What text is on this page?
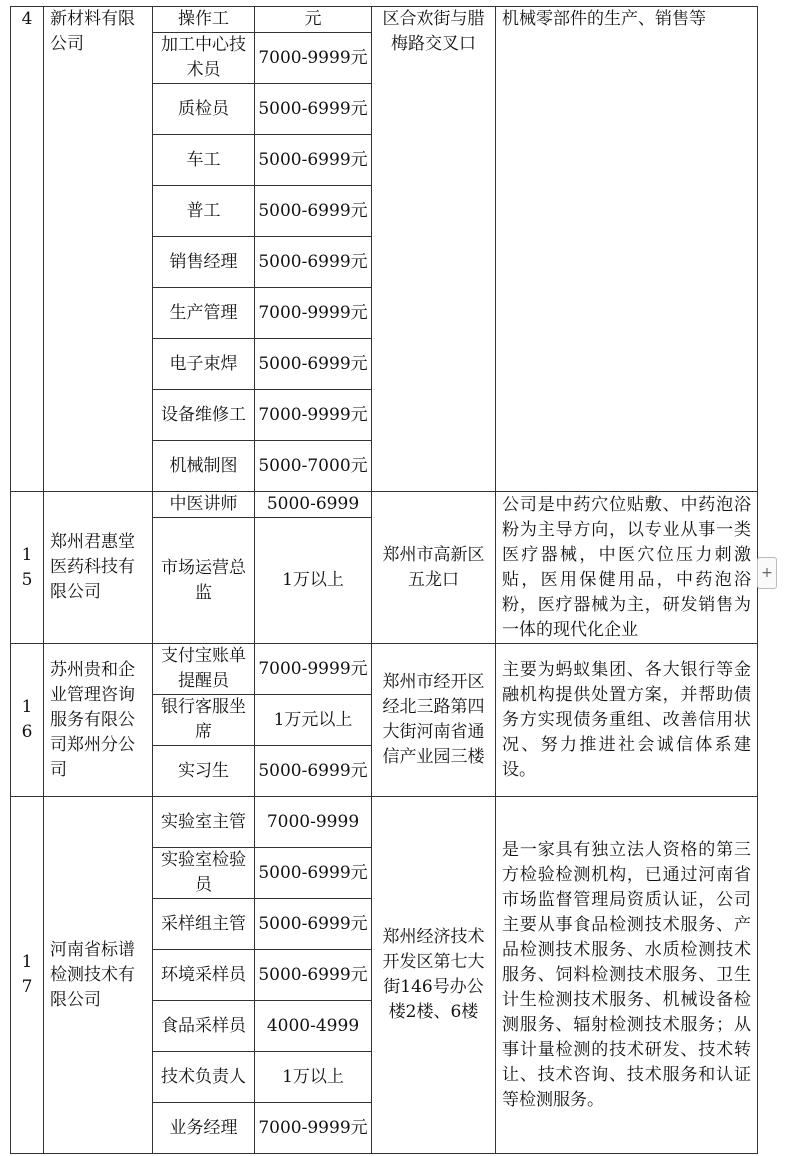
4	新材料有限公司	操作工	元	区合欢街与腊梅路交叉口	机械零部件的生产、销售等
		加工中心技术员	7000-9999元		
		质检员	5000-6999元		
		车工	5000-6999元		
		普工	5000-6999元		
		销售经理	5000-6999元		
		生产管理	7000-9999元		
		电子束焊	5000-6999元		
		设备维修工	7000-9999元		
		机械制图	5000-7000元		
15	郑州君惠堂医药科技有限公司	中医讲师	5000-6999	郑州市高新区五龙口	公司是中药穴位贴敷、中药泡浴粉为主导方向，以专业从事一类医疗器械，中医穴位压力刺激贴，医用保健用品，中药泡浴粉，医疗器械为主，研发销售为一体的现代化企业
		市场运营总监	1万以上		
16	苏州贵和企业管理咨询服务有限公司郑州分公司	支付宝账单提醒员	7000-9999元	郑州市经开区经北三路第四大街河南省通信产业园三楼	主要为蚂蚁集团、各大银行等金融机构提供处置方案，并帮助债务方实现债务重组、改善信用状况、努力推进社会诚信体系建设。
		银行客服坐席	1万元以上		
		实习生	5000-6999元		
17	河南省标谱检测技术有限公司	实验室主管	7000-9999	郑州经济技术开发区第七大街146号办公楼2楼、6楼	是一家具有独立法人资格的第三方检验检测机构，已通过河南省市场监督管理局资质认证，公司主要从事食品检测技术服务、产品检测技术服务、水质检测技术服务、饲料检测技术服务、卫生计生检测技术服务、机械设备检测服务、辐射检测技术服务；从事计量检测的技术研发、技术转让、技术咨询、技术服务和认证等检测服务。
		实验室检验员	5000-6999元		
		采样组主管	5000-6999元		
		环境采样员	5000-6999元		
		食品采样员	4000-4999		
		技术负责人	1万以上		
		业务经理	7000-9999元		
+
